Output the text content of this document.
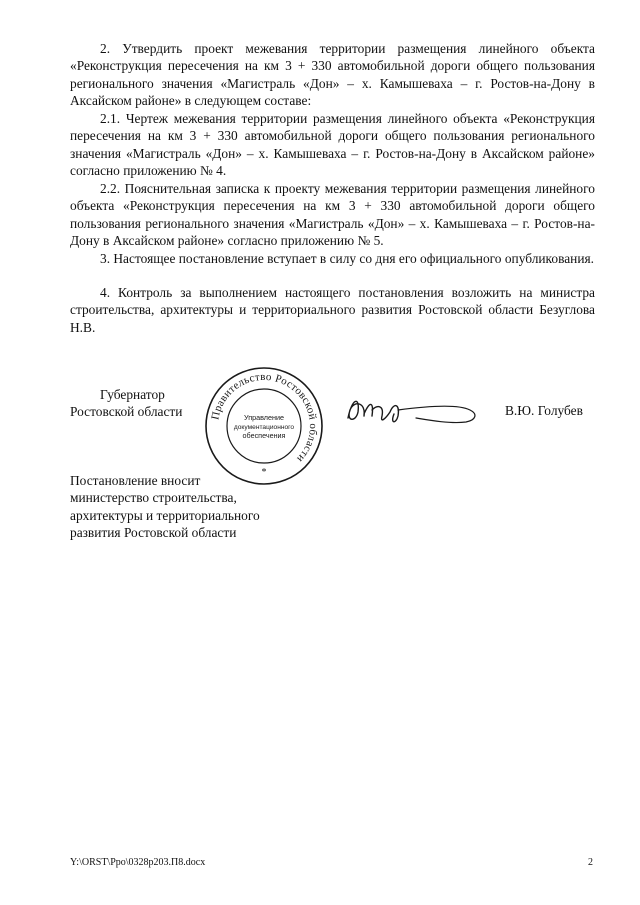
2. Утвердить проект межевания территории размещения линейного объекта «Реконструкция пересечения на км 3 + 330 автомобильной дороги общего пользования регионального значения «Магистраль «Дон» – х. Камышеваха – г. Ростов-на-Дону в Аксайском районе» в следующем составе:

2.1. Чертеж межевания территории размещения линейного объекта «Реконструкция пересечения на км 3 + 330 автомобильной дороги общего пользования регионального значения «Магистраль «Дон» – х. Камышеваха – г. Ростов-на-Дону в Аксайском районе» согласно приложению № 4.

2.2. Пояснительная записка к проекту межевания территории размещения линейного объекта «Реконструкция пересечения на км 3 + 330 автомобильной дороги общего пользования регионального значения «Магистраль «Дон» – х. Камышеваха – г. Ростов-на-Дону в Аксайском районе» согласно приложению № 5.

3. Настоящее постановление вступает в силу со дня его официального опубликования.

4. Контроль за выполнением настоящего постановления возложить на министра строительства, архитектуры и территориального развития Ростовской области Безуглова Н.В.

Губернатор
Ростовской области Правительство Ростовской области
Управление
документационного
обеспечения
*
В.Ю. Голубев
Постановление вносит
министерство строительства,
архитектуры и территориального
развития Ростовской области
Y:\ORST\Ppo\0328p203.П8.docx	2
